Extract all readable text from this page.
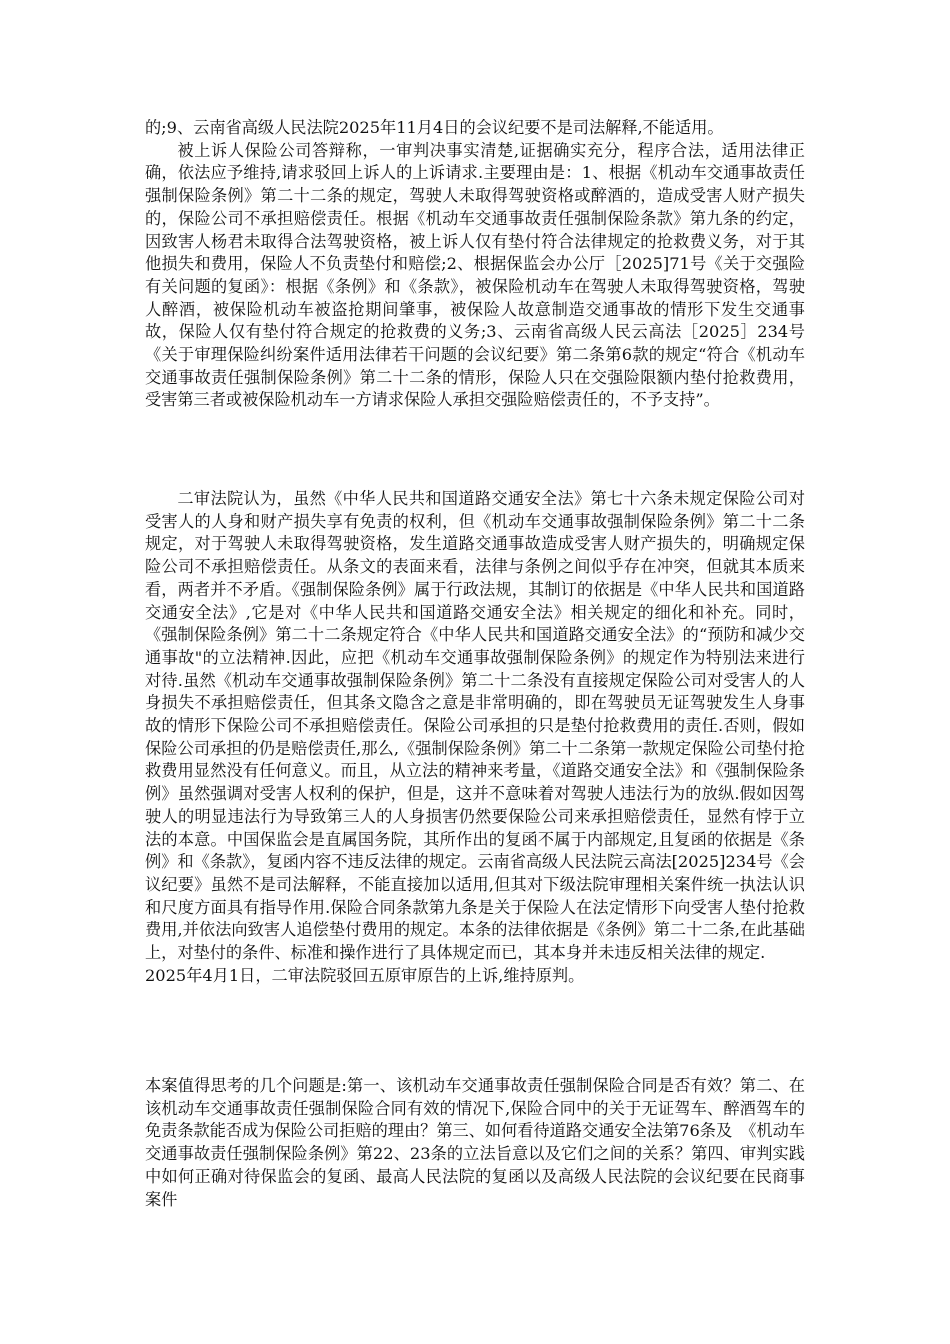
的;9、云南省高级人民法院2025年11月4日的会议纪要不是司法解释,不能适用。

被上诉人保险公司答辩称，一审判决事实清楚,证据确实充分，程序合法，适用法律正确，依法应予维持,请求驳回上诉人的上诉请求.主要理由是：1、根据《机动车交通事故责任强制保险条例》第二十二条的规定，驾驶人未取得驾驶资格或醉酒的，造成受害人财产损失的，保险公司不承担赔偿责任。根据《机动车交通事故责任强制保险条款》第九条的约定，因致害人杨君未取得合法驾驶资格，被上诉人仅有垫付符合法律规定的抢救费义务，对于其他损失和费用，保险人不负责垫付和赔偿;2、根据保监会办公厅［2025]71号《关于交强险有关问题的复函》：根据《条例》和《条款》，被保险机动车在驾驶人未取得驾驶资格，驾驶人醉酒，被保险机动车被盗抢期间肇事，被保险人故意制造交通事故的情形下发生交通事故，保险人仅有垫付符合规定的抢救费的义务;3、云南省高级人民云高法［2025］234号《关于审理保险纠纷案件适用法律若干问题的会议纪要》第二条第6款的规定“符合《机动车交通事故责任强制保险条例》第二十二条的情形，保险人只在交强险限额内垫付抢救费用，受害第三者或被保险机动车一方请求保险人承担交强险赔偿责任的，不予支持”。

二审法院认为，虽然《中华人民共和国道路交通安全法》第七十六条未规定保险公司对受害人的人身和财产损失享有免责的权利，但《机动车交通事故强制保险条例》第二十二条规定，对于驾驶人未取得驾驶资格，发生道路交通事故造成受害人财产损失的，明确规定保险公司不承担赔偿责任。从条文的表面来看，法律与条例之间似乎存在冲突，但就其本质来看，两者并不矛盾。《强制保险条例》属于行政法规，其制订的依据是《中华人民共和国道路交通安全法》,它是对《中华人民共和国道路交通安全法》相关规定的细化和补充。同时，《强制保险条例》第二十二条规定符合《中华人民共和国道路交通安全法》的“预防和减少交通事故"的立法精神.因此，应把《机动车交通事故强制保险条例》的规定作为特别法来进行对待.虽然《机动车交通事故强制保险条例》第二十二条没有直接规定保险公司对受害人的人身损失不承担赔偿责任，但其条文隐含之意是非常明确的，即在驾驶员无证驾驶发生人身事故的情形下保险公司不承担赔偿责任。保险公司承担的只是垫付抢救费用的责任.否则，假如保险公司承担的仍是赔偿责任,那么,《强制保险条例》第二十二条第一款规定保险公司垫付抢救费用显然没有任何意义。而且，从立法的精神来考量，《道路交通安全法》和《强制保险条例》虽然强调对受害人权利的保护，但是，这并不意味着对驾驶人违法行为的放纵.假如因驾驶人的明显违法行为导致第三人的人身损害仍然要保险公司来承担赔偿责任，显然有悖于立法的本意。中国保监会是直属国务院，其所作出的复函不属于内部规定,且复函的依据是《条例》和《条款》，复函内容不违反法律的规定。云南省高级人民法院云高法[2025]234号《会议纪要》虽然不是司法解释，不能直接加以适用,但其对下级法院审理相关案件统一执法认识和尺度方面具有指导作用.保险合同条款第九条是关于保险人在法定情形下向受害人垫付抢救费用,并依法向致害人追偿垫付费用的规定。本条的法律依据是《条例》第二十二条,在此基础上，对垫付的条件、标准和操作进行了具体规定而已，其本身并未违反相关法律的规定.

2025年4月1日，二审法院驳回五原审原告的上诉,维持原判。

本案值得思考的几个问题是:第一、该机动车交通事故责任强制保险合同是否有效？第二、在该机动车交通事故责任强制保险合同有效的情况下,保险合同中的关于无证驾车、醉酒驾车的免责条款能否成为保险公司拒赔的理由？第三、如何看待道路交通安全法第76条及　《机动车交通事故责任强制保险条例》第22、23条的立法旨意以及它们之间的关系？第四、审判实践中如何正确对待保监会的复函、最高人民法院的复函以及高级人民法院的会议纪要在民商事案件
